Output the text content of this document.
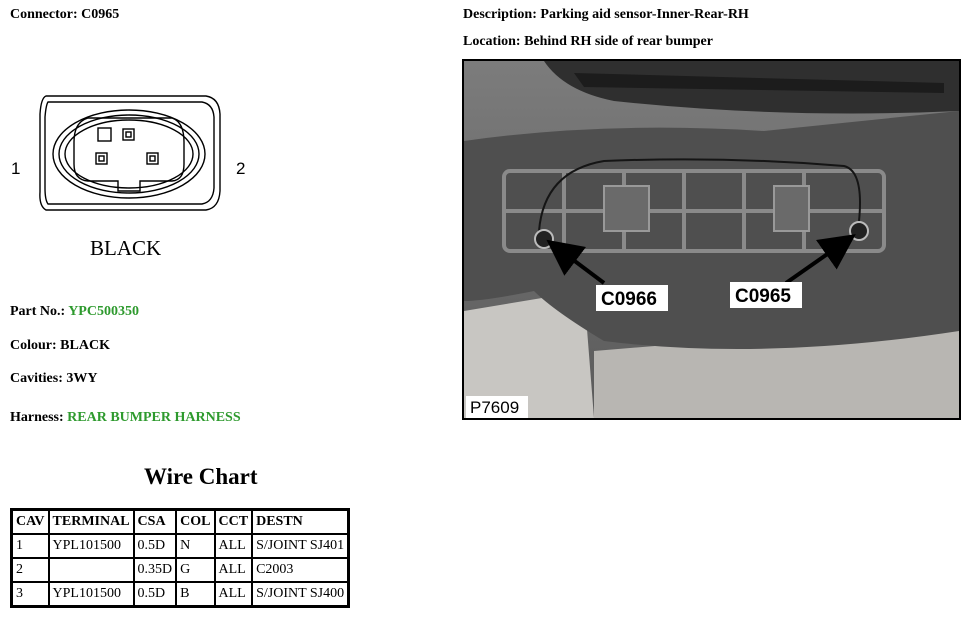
Connector: C0965
1	2
BLACK
Part No.: YPC500350
Colour: BLACK
Cavities: 3WY
Harness: REAR BUMPER HARNESS
Wire Chart
CAV	TERMINAL	CSA	COL	CCT	DESTN
1	YPL101500	0.5D	N	ALL	S/JOINT SJ401
2		0.35D	G	ALL	C2003
3	YPL101500	0.5D	B	ALL	S/JOINT SJ400
Description: Parking aid sensor-Inner-Rear-RH
Location: Behind RH side of rear bumper
C0966	C0965
P7609
